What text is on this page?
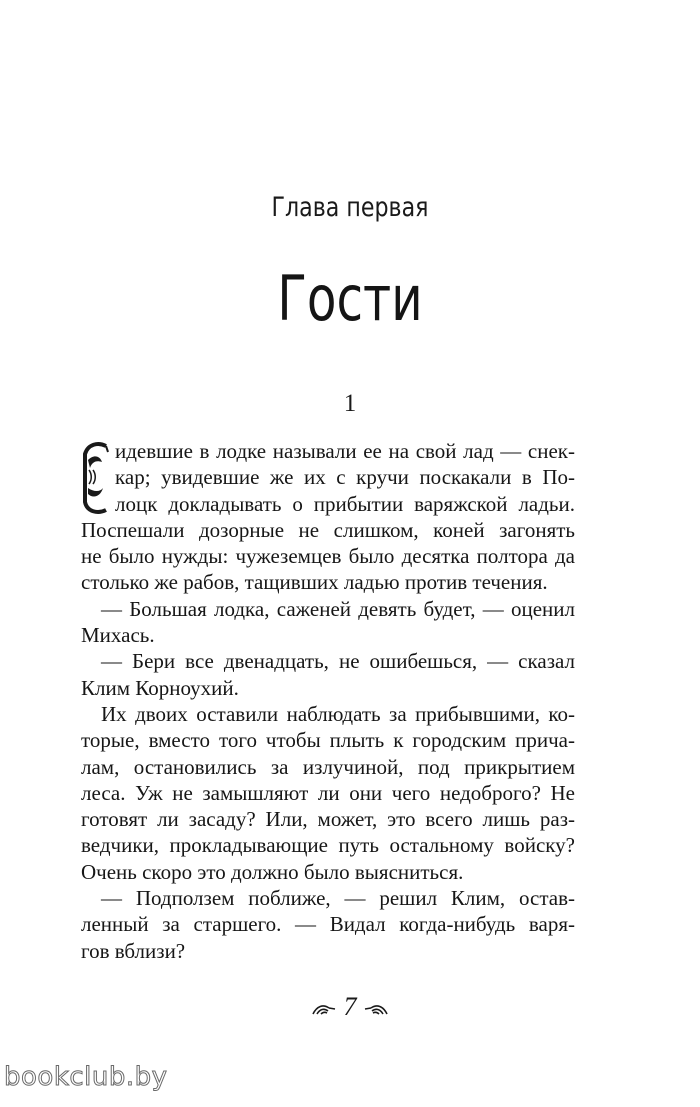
Глава первая
Гости
1
идевшие в лодке называли ее на свой лад — снек-
кар; увидевшие же их с кручи поскакали в По-
лоцк докладывать о прибытии варяжской ладьи.
Поспешали дозорные не слишком, коней загонять
не было нужды: чужеземцев было десятка полтора да
столько же рабов, тащивших ладью против течения.
— Большая лодка, саженей девять будет, — оценил
Михась.
— Бери все двенадцать, не ошибешься, — сказал
Клим Корноухий.
Их двоих оставили наблюдать за прибывшими, ко-
торые, вместо того чтобы плыть к городским прича-
лам, остановились за излучиной, под прикрытием
леса. Уж не замышляют ли они чего недоброго? Не
готовят ли засаду? Или, может, это всего лишь раз-
ведчики, прокладывающие путь остальному войску?
Очень скоро это должно было выясниться.
— Подползем поближе, — решил Клим, остав-
ленный за старшего. — Видал когда-нибудь варя-
гов вблизи?
7
bookclub.by
